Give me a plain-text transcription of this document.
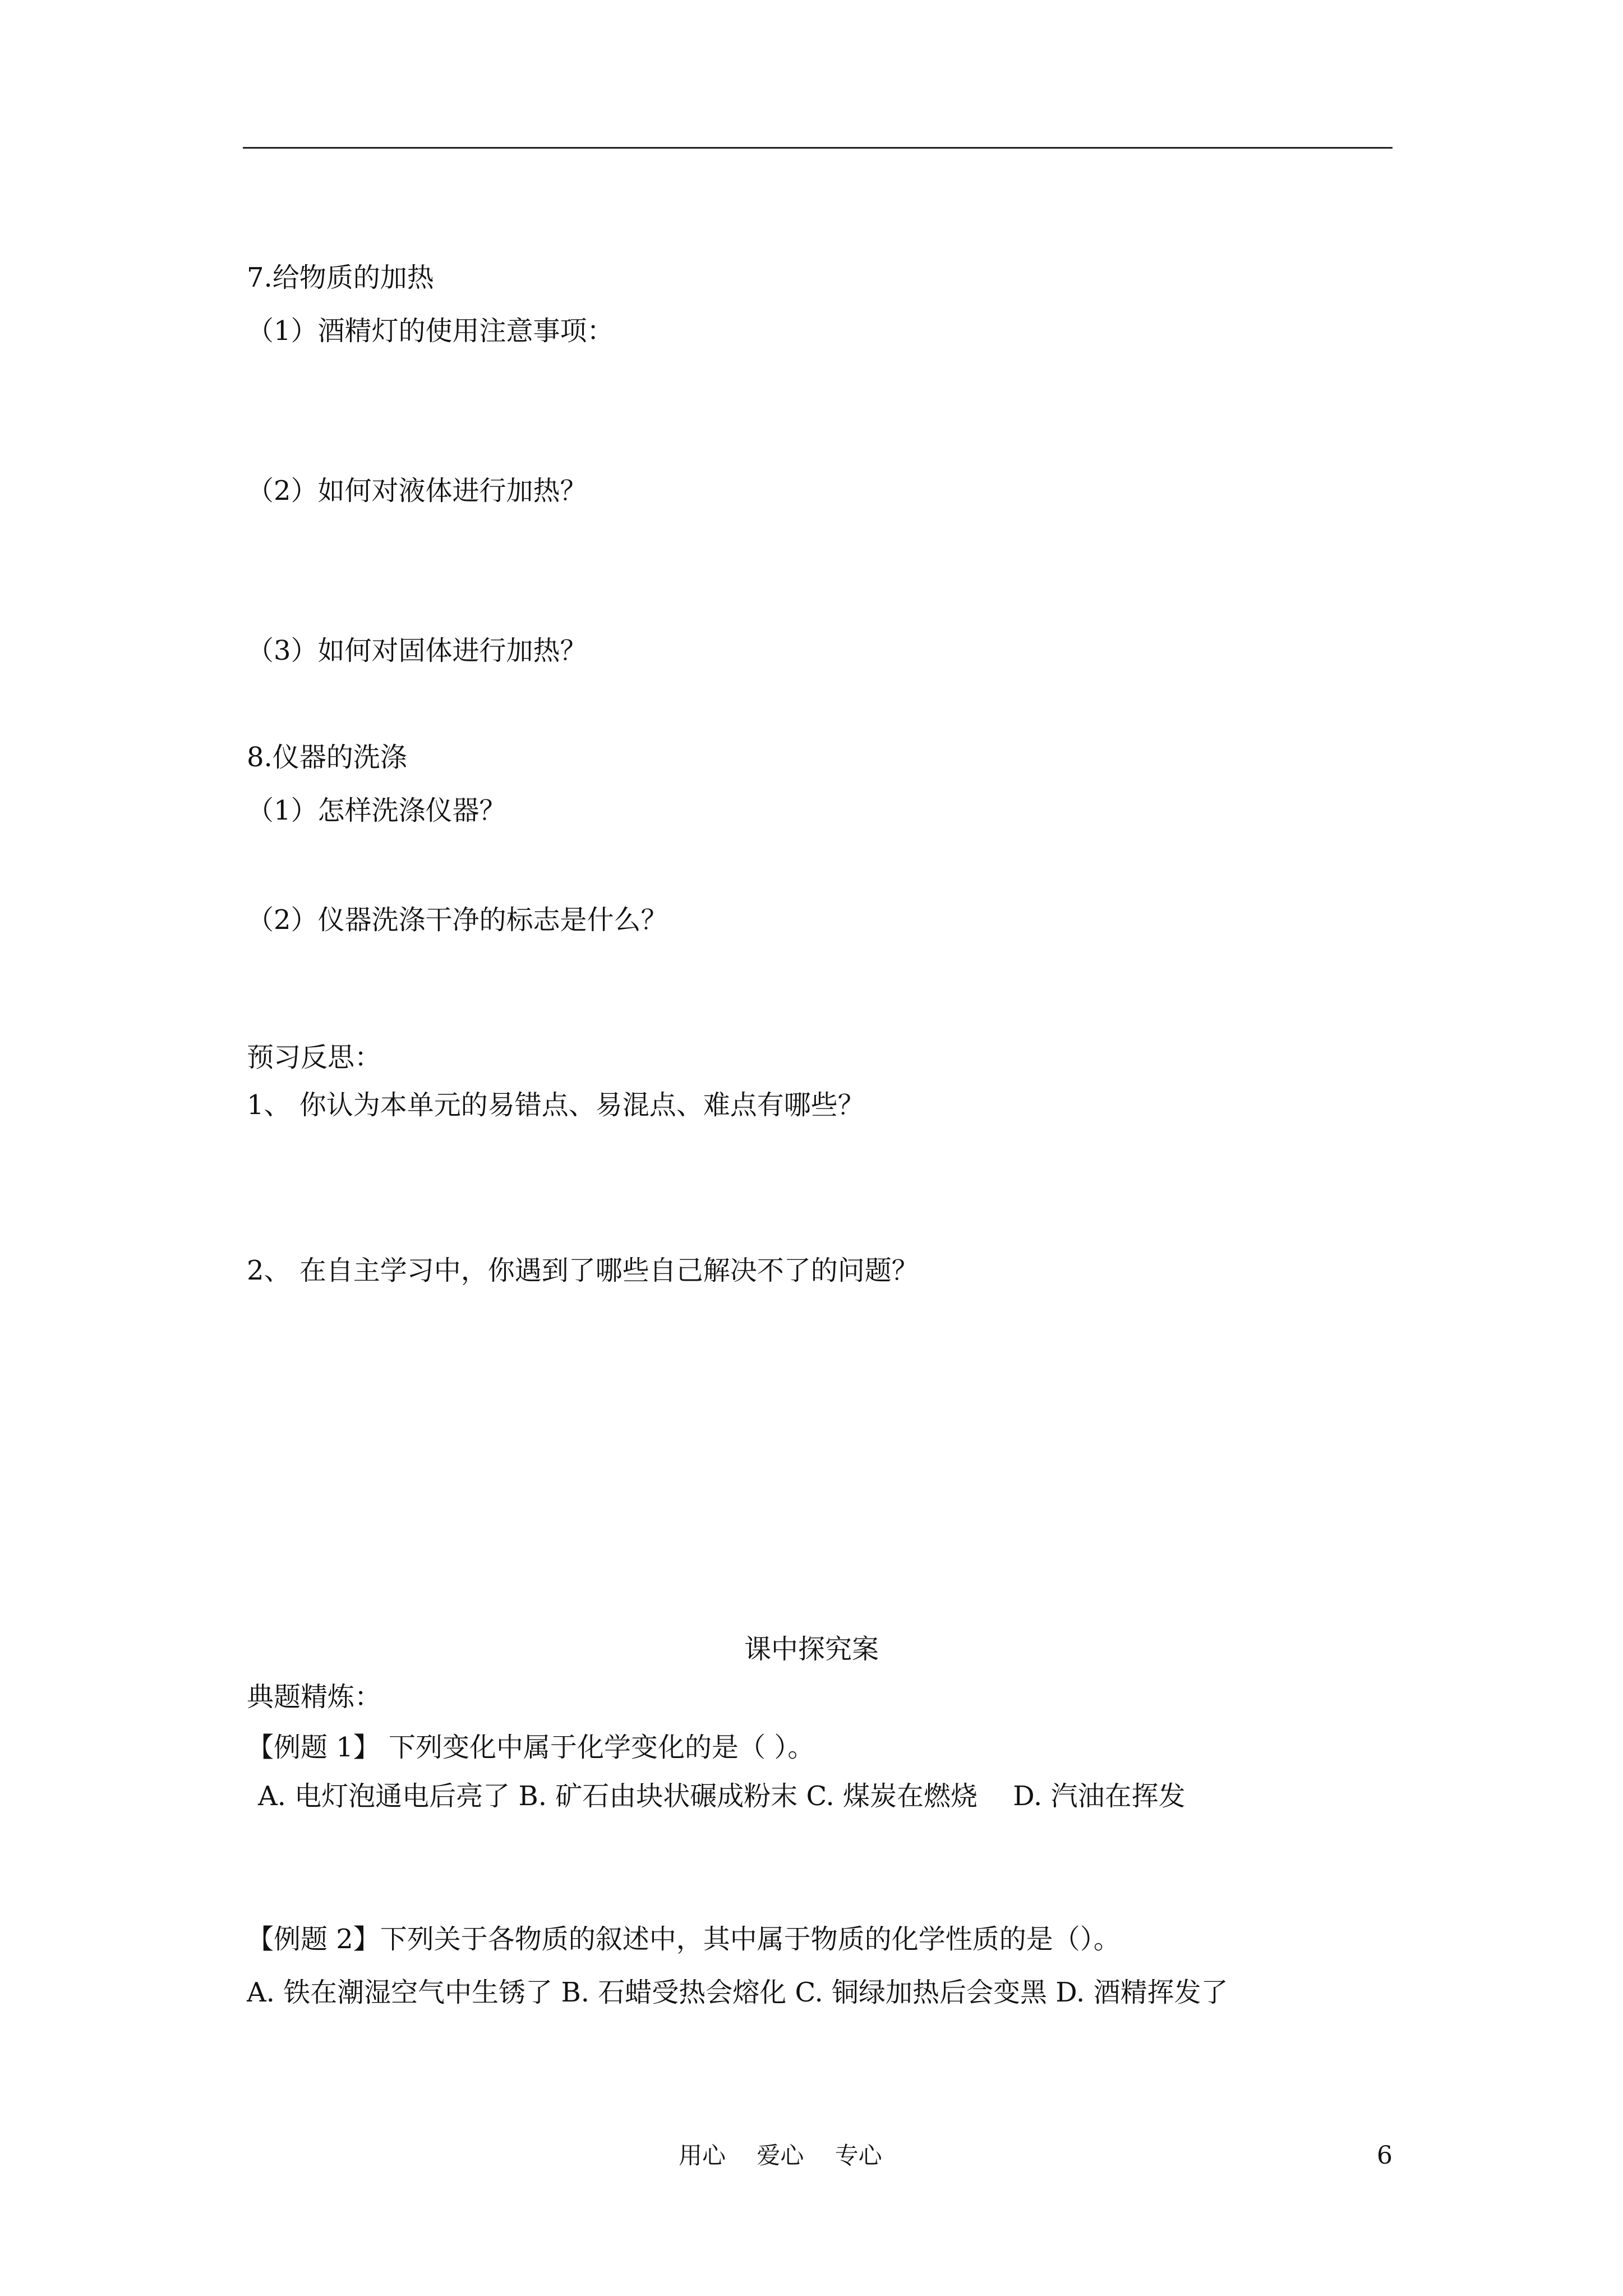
7.给物质的加热
（1）酒精灯的使用注意事项：
（2）如何对液体进行加热？
（3）如何对固体进行加热？
8.仪器的洗涤
（1）怎样洗涤仪器？
（2）仪器洗涤干净的标志是什么？
预习反思：
1、 你认为本单元的易错点、易混点、难点有哪些？
2、 在自主学习中，你遇到了哪些自己解决不了的问题？
课中探究案
典题精炼：
【例题 1】 下列变化中属于化学变化的是（ ）。
A. 电灯泡通电后亮了 B. 矿石由块状碾成粉末 C. 煤炭在燃烧　 D. 汽油在挥发
【例题 2】下列关于各物质的叙述中，其中属于物质的化学性质的是（）。
A. 铁在潮湿空气中生锈了 B. 石蜡受热会熔化 C. 铜绿加热后会变黑 D. 酒精挥发了
用心　 爱心　 专心	6
